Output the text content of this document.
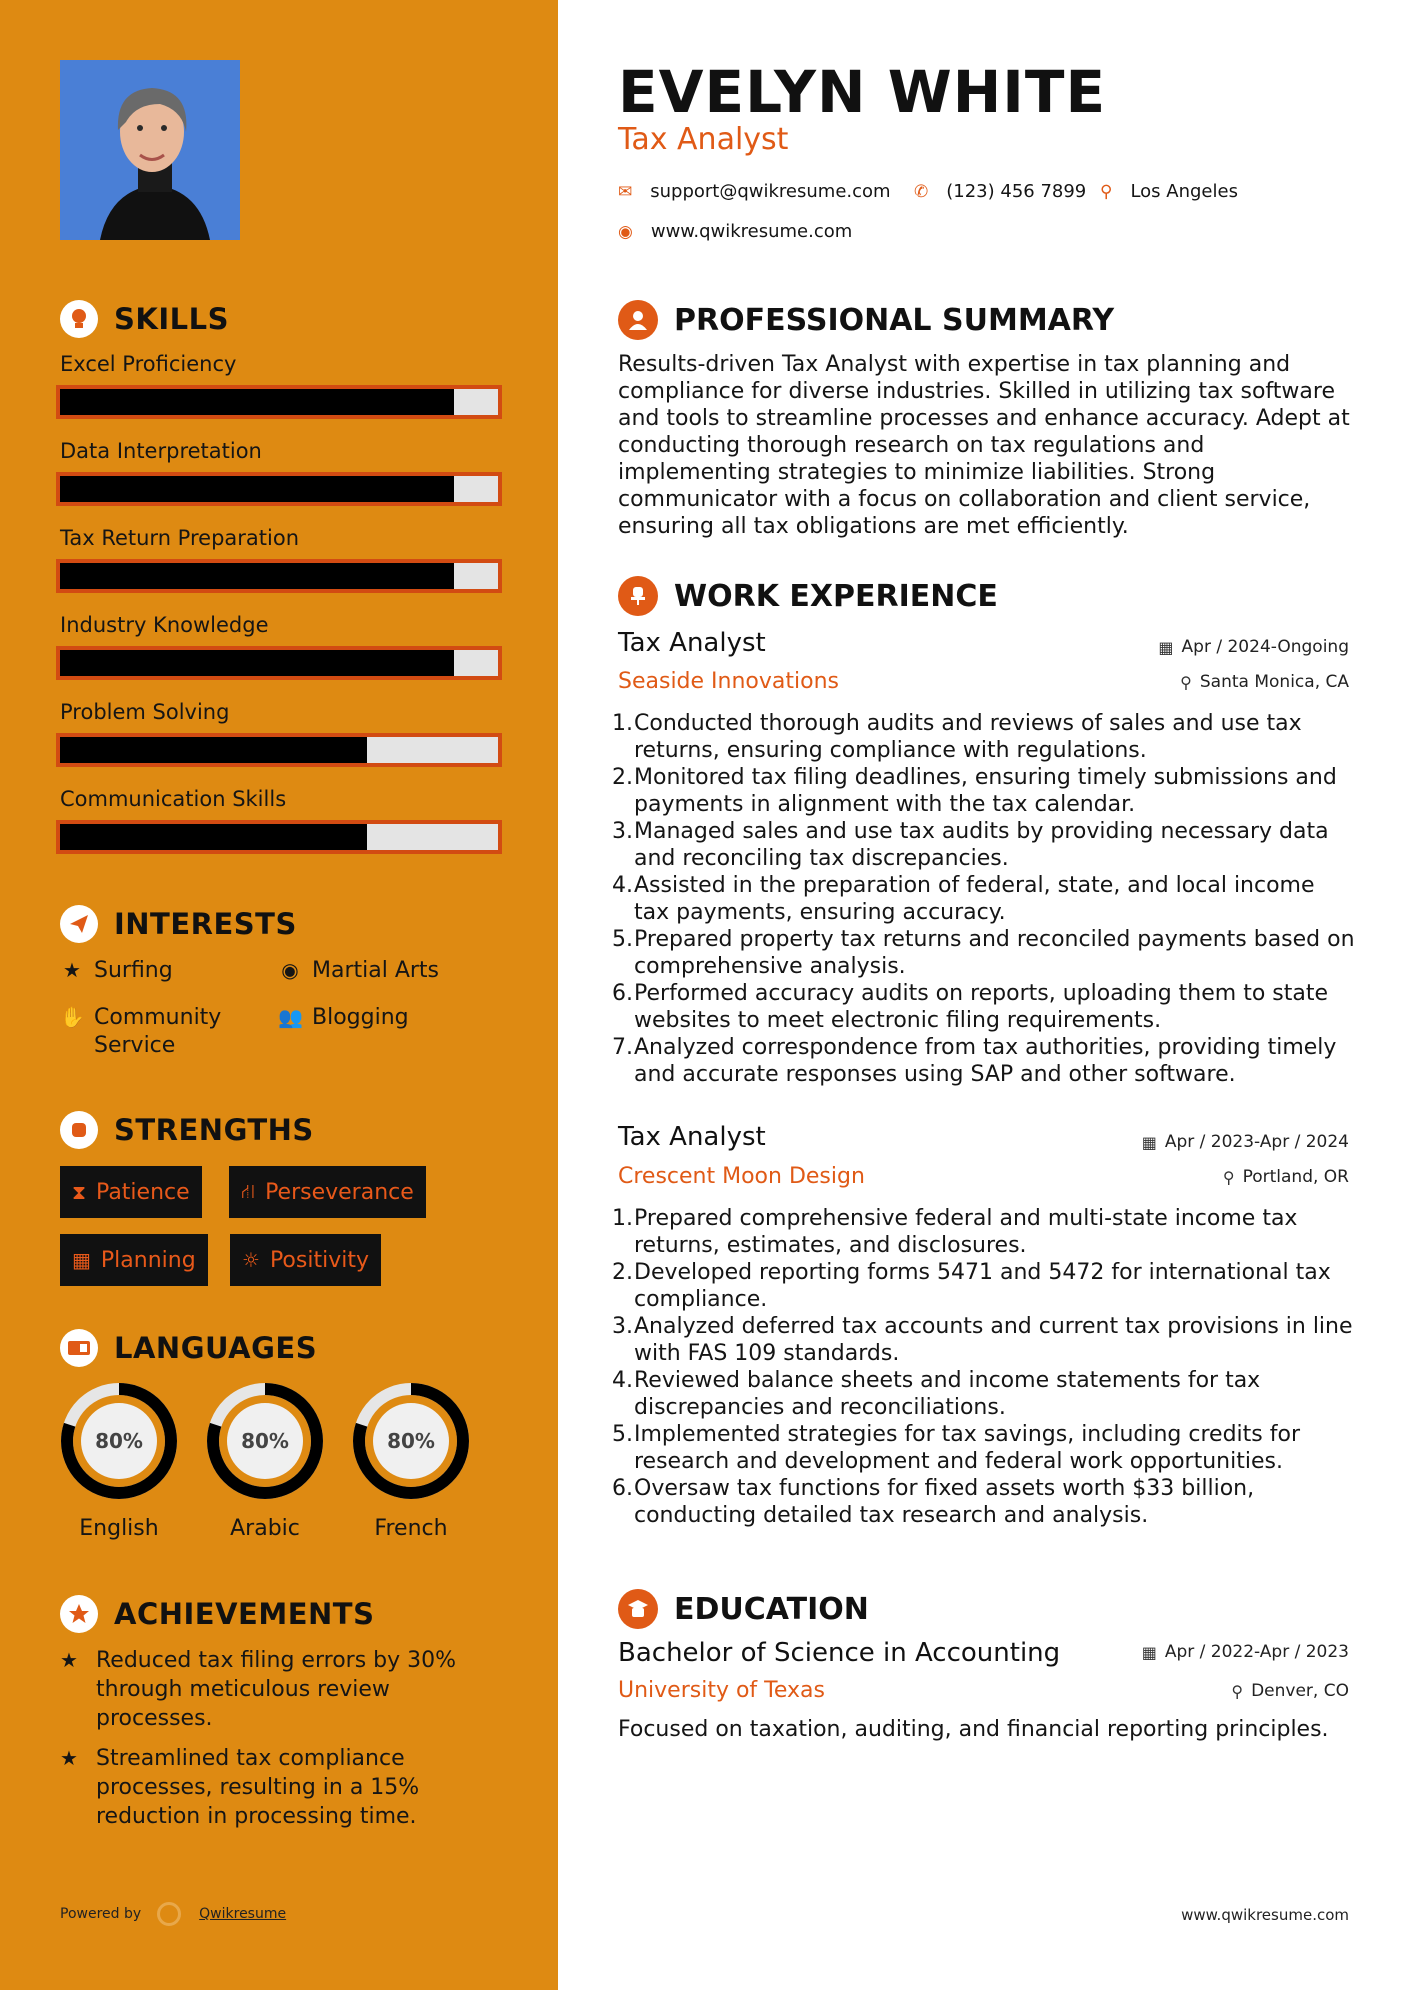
SKILLS
Excel Proficiency
Data Interpretation
Tax Return Preparation
Industry Knowledge
Problem Solving
Communication Skills
INTERESTS
★ Surfing	◉ Martial Arts
✋ Community Service
👥 Blogging
STRENGTHS
⧗ Patience	⛙ Perseverance
▦ Planning ☼ Positivity
LANGUAGES
80%
English
80%
Arabic
80%
French
ACHIEVEMENTS
★ Reduced tax filing errors by 30% through meticulous review processes.
★ Streamlined tax compliance processes, resulting in a 15% reduction in processing time.
Powered by	Qwikresume
EVELYN WHITE
Tax Analyst
✉ support@qwikresume.com ✆ (123) 456 7899 ⚲ Los Angeles
◉ www.qwikresume.com
PROFESSIONAL SUMMARY
Results-driven Tax Analyst with expertise in tax planning and compliance for diverse industries. Skilled in utilizing tax software and tools to streamline processes and enhance accuracy. Adept at conducting thorough research on tax regulations and implementing strategies to minimize liabilities. Strong communicator with a focus on collaboration and client service, ensuring all tax obligations are met efficiently.
WORK EXPERIENCE
Tax Analyst	▦ Apr / 2024-Ongoing
Seaside Innovations	⚲ Santa Monica, CA
1. Conducted thorough audits and reviews of sales and use tax returns, ensuring compliance with regulations.
2. Monitored tax filing deadlines, ensuring timely submissions and payments in alignment with the tax calendar.
3. Managed sales and use tax audits by providing necessary data and reconciling tax discrepancies.
4. Assisted in the preparation of federal, state, and local income tax payments, ensuring accuracy.
5. Prepared property tax returns and reconciled payments based on comprehensive analysis.
6. Performed accuracy audits on reports, uploading them to state websites to meet electronic filing requirements.
7. Analyzed correspondence from tax authorities, providing timely and accurate responses using SAP and other software.
Tax Analyst	▦ Apr / 2023-Apr / 2024
Crescent Moon Design	⚲ Portland, OR
1. Prepared comprehensive federal and multi-state income tax returns, estimates, and disclosures.
2. Developed reporting forms 5471 and 5472 for international tax compliance.
3. Analyzed deferred tax accounts and current tax provisions in line with FAS 109 standards.
4. Reviewed balance sheets and income statements for tax discrepancies and reconciliations.
5. Implemented strategies for tax savings, including credits for research and development and federal work opportunities.
6. Oversaw tax functions for fixed assets worth $33 billion, conducting detailed tax research and analysis.
EDUCATION
Bachelor of Science in Accounting	▦ Apr / 2022-Apr / 2023
University of Texas	⚲ Denver, CO
Focused on taxation, auditing, and financial reporting principles.
www.qwikresume.com
